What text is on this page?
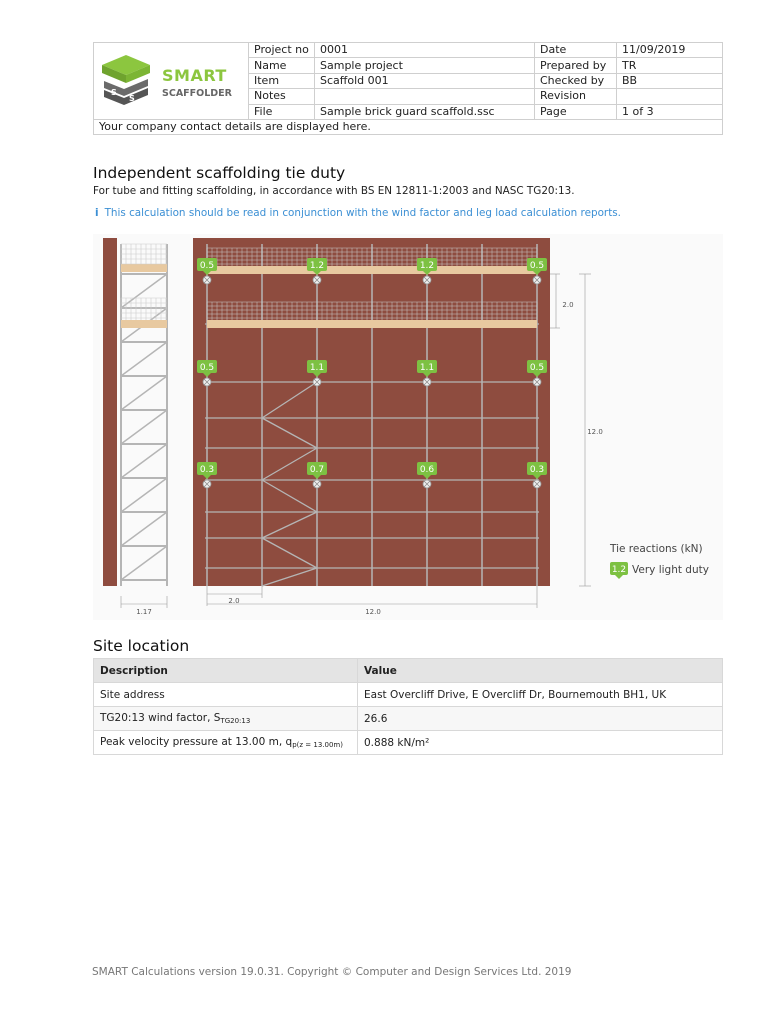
S
S
SMART
SCAFFOLDER	Project no	0001	Date	11/09/2019
	Name	Sample project	Prepared by	TR
	Item	Scaffold 001	Checked by	BB
	Notes		Revision	
	File	Sample brick guard scaffold.ssc	Page	1 of 3
Your company contact details are displayed here.				
Independent scaffolding tie duty
For tube and fitting scaffolding, in accordance with BS EN 12811-1:2003 and NASC TG20:13.
i This calculation should be read in conjunction with the wind factor and leg load calculation reports.
1.17
2.0
12.0
2.0
12.0
0.5	1.2	1.2	0.5
0.5	1.1	1.1	0.5
0.3	0.7	0.6	0.3
Tie reactions (kN)
1.2 Very light duty
Site location
Description	Value
Site address	East Overcliff Drive, E Overcliff Dr, Bournemouth BH1, UK
TG20:13 wind factor, $S_{TG20:13}$	26.6
Peak velocity pressure at 13.00 m, $q_{p(z = 13.00m)}$	0.888 kN/m²
SMART Calculations version 19.0.31. Copyright © Computer and Design Services Ltd. 2019
